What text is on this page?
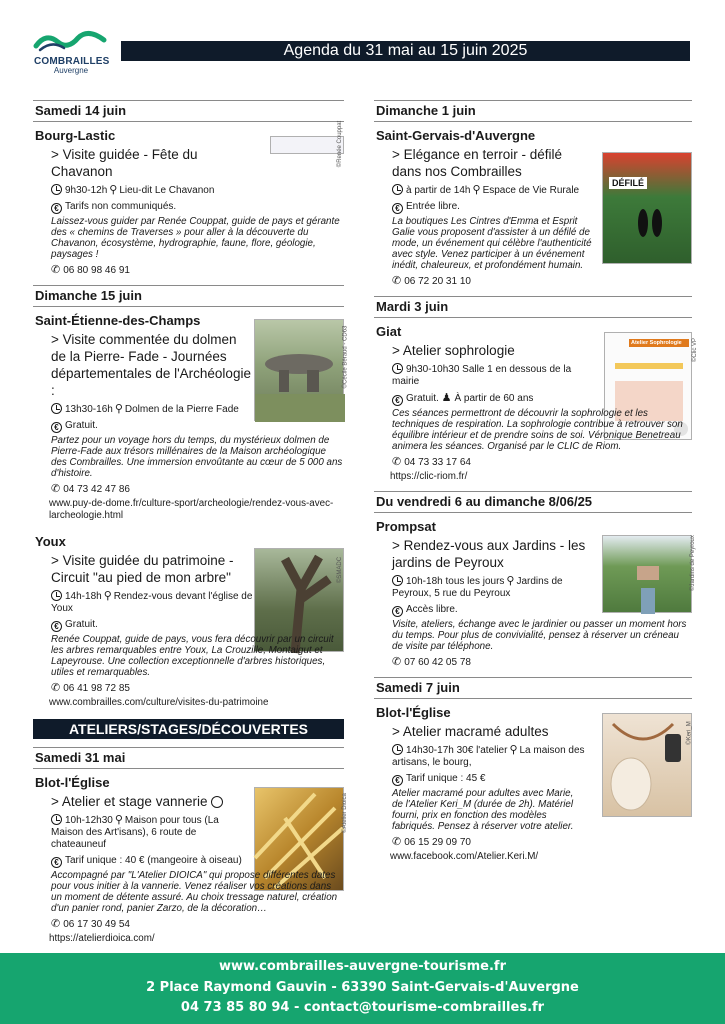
COMBRAILLES
Auvergne
Agenda du 31 mai au 15 juin 2025
Samedi 14 juin
©Renée Couppat
Bourg-Lastic
> Visite guidée - Fête du Chavanon
9h30-12h ⚲ Lieu-dit Le Chavanon
€Tarifs non communiqués.
Laissez-vous guider par Renée Couppat, guide de pays et gérante des « chemins de Traverses » pour aller à la découverte du Chavanon, écosystème, hydrographie, faune, flore, géologie, paysages !
✆ 06 80 98 46 91
Dimanche 15 juin
©Cécile Béraud - CD63
Saint-Étienne-des-Champs
> Visite commentée du dolmen de la Pierre- Fade - Journées départementales de l'Archéologie :
13h30-16h ⚲ Dolmen de la Pierre Fade
€Gratuit.
Partez pour un voyage hors du temps, du mystérieux dolmen de Pierre-Fade aux trésors millénaires de la Maison archéologique des Combrailles. Une immersion envoûtante au cœur de 5 000 ans d'histoire.
✆ 04 73 42 47 86
www.puy-de-dome.fr/culture-sport/archeologie/rendez-vous-avec-larcheologie.html
©SMADC
Youx
> Visite guidée du patrimoine - Circuit "au pied de mon arbre"
14h-18h ⚲ Rendez-vous devant l'église de Youx
€Gratuit.
Renée Couppat, guide de pays, vous fera découvrir par un circuit les arbres remarquables entre Youx, La Crouzille, Montaigut et Lapeyrouse. Une collection exceptionnelle d'arbres historiques, utiles et remarquables.
✆ 06 41 98 72 85
www.combrailles.com/culture/visites-du-patrimoine
ATELIERS/STAGES/DÉCOUVERTES
Samedi 31 mai
©Atelier Dioica
Blot-l'Église
> Atelier et stage vannerie
10h-12h30 ⚲ Maison pour tous (La Maison des Art'isans), 6 route de chateauneuf
€Tarif unique : 40 € (mangeoire à oiseau)
Accompagné par "L'Atelier DIOICA" qui propose différentes dates pour vous initier à la vannerie. Venez réaliser vos créations dans un moment de détente assuré. Au choix tressage naturel, création d'un panier rond, panier Zarzo, de la décoration…
✆ 06 17 30 49 54
https://atelierdioica.com/
Dimanche 1 juin
DÉFILÉ
Saint-Gervais-d'Auvergne
> Elégance en terroir - défilé dans nos Combrailles
à partir de 14h ⚲ Espace de Vie Rurale
€Entrée libre.
La boutiques Les Cintres d'Emma et Esprit Galie vous proposent d'assister à un défilé de mode, un événement qui célèbre l'authenticité avec style. Venez participer à un événement inédit, chaleureux, et profondément humain.
✆ 06 72 20 31 10
Mardi 3 juin
Atelier Sophrologie	©Clic VP
Giat
> Atelier sophrologie
9h30-10h30 Salle 1 en dessous de la mairie
€Gratuit. ♟ À partir de 60 ans
Ces séances permettront de découvrir la sophrologie et les techniques de respiration. La sophrologie contribue à retrouver son équilibre intérieur et de prendre soins de soi. Véronique Benetreau animera les séances. Organisé par le CLIC de Riom.
✆ 04 73 33 17 64
https://clic-riom.fr/
Du vendredi 6 au dimanche 8/06/25
©Jardins de Peyroux
Prompsat
> Rendez-vous aux Jardins - les jardins de Peyroux
10h-18h tous les jours ⚲ Jardins de Peyroux, 5 rue du Peyroux
€Accès libre.
Visite, ateliers, échange avec le jardinier ou passer un moment hors du temps. Pour plus de convivialité, pensez à réserver un créneau de visite par téléphone.
✆ 07 60 42 05 78
Samedi 7 juin
©Keri_M
Blot-l'Église
> Atelier macramé adultes
14h30-17h 30€ l'atelier ⚲ La maison des artisans, le bourg,
€Tarif unique : 45 €
Atelier macramé pour adultes avec Marie, de l'Atelier Keri_M (durée de 2h). Matériel fourni, prix en fonction des modèles fabriqués. Pensez à réserver votre atelier.
✆ 06 15 29 09 70
www.facebook.com/Atelier.Keri.M/
www.combrailles-auvergne-tourisme.fr
2 Place Raymond Gauvin - 63390 Saint-Gervais-d'Auvergne
04 73 85 80 94 - contact@tourisme-combrailles.fr
